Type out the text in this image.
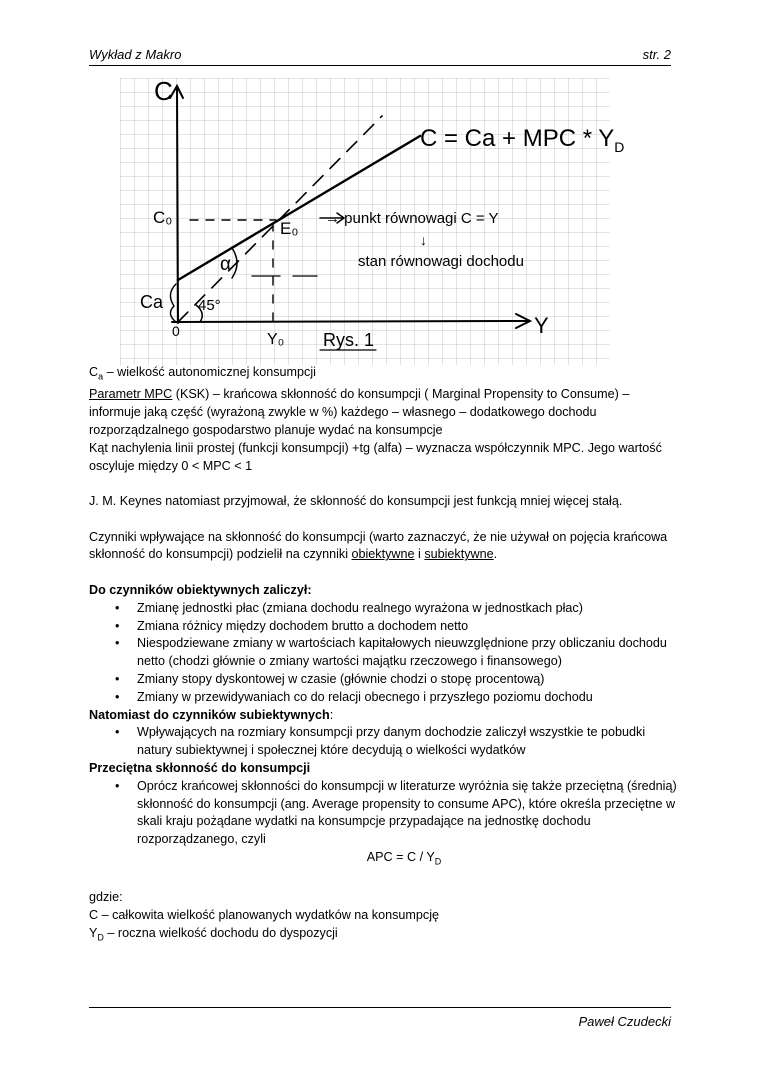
Wykład z Makro	str. 2
C
Y
C₀
Ca
0	Y₀
E₀
α
45°
C = Ca + MPC * $Y_D$
→ punkt równowagi C = Y
↓
stan równowagi dochodu
Rys. 1

$C_a$ – wielkość autonomicznej konsumpcji

Parametr MPC (KSK) – krańcowa skłonność do konsumpcji ( Marginal Propensity to Consume) – informuje jaką część (wyrażoną zwykle w %) każdego – własnego – dodatkowego dochodu rozporządzalnego gospodarstwo planuje wydać na konsumpcje

Kąt nachylenia linii prostej (funkcji konsumpcji) +tg (alfa) – wyznacza współczynnik MPC. Jego wartość oscyluje między 0 < MPC < 1

J. M. Keynes natomiast przyjmował, że skłonność do konsumpcji jest funkcją mniej więcej stałą.

Czynniki wpływające na skłonność do konsumpcji (warto zaznaczyć, że nie używał on pojęcia krańcowa skłonność do konsumpcji) podzielił na czynniki obiektywne i subiektywne.

Do czynników obiektywnych zaliczył:

• Zmianę jednostki płac (zmiana dochodu realnego wyrażona w jednostkach płac)
• Zmiana różnicy między dochodem brutto a dochodem netto
• Niespodziewane zmiany w wartościach kapitałowych nieuwzględnione przy obliczaniu dochodu netto (chodzi głównie o zmiany wartości majątku rzeczowego i finansowego)
• Zmiany stopy dyskontowej w czasie (głównie chodzi o stopę procentową)
• Zmiany w przewidywaniach co do relacji obecnego i przyszłego poziomu dochodu

Natomiast do czynników subiektywnych:

• Wpływających na rozmiary konsumpcji przy danym dochodzie zaliczył wszystkie te pobudki natury subiektywnej i społecznej które decydują o wielkości wydatków

Przeciętna skłonność do konsumpcji

• Oprócz krańcowej skłonności do konsumpcji w literaturze wyróżnia się także przeciętną (średnią) skłonność do konsumpcji (ang. Average propensity to consume APC), które określa przeciętne w skali kraju pożądane wydatki na konsumpcje przypadające na jednostkę dochodu rozporządzanego, czyli

APC = C / $Y_D$

gdzie:

C – całkowita wielkość planowanych wydatków na konsumpcję

$Y_D$ – roczna wielkość dochodu do dyspozycji

Paweł Czudecki
